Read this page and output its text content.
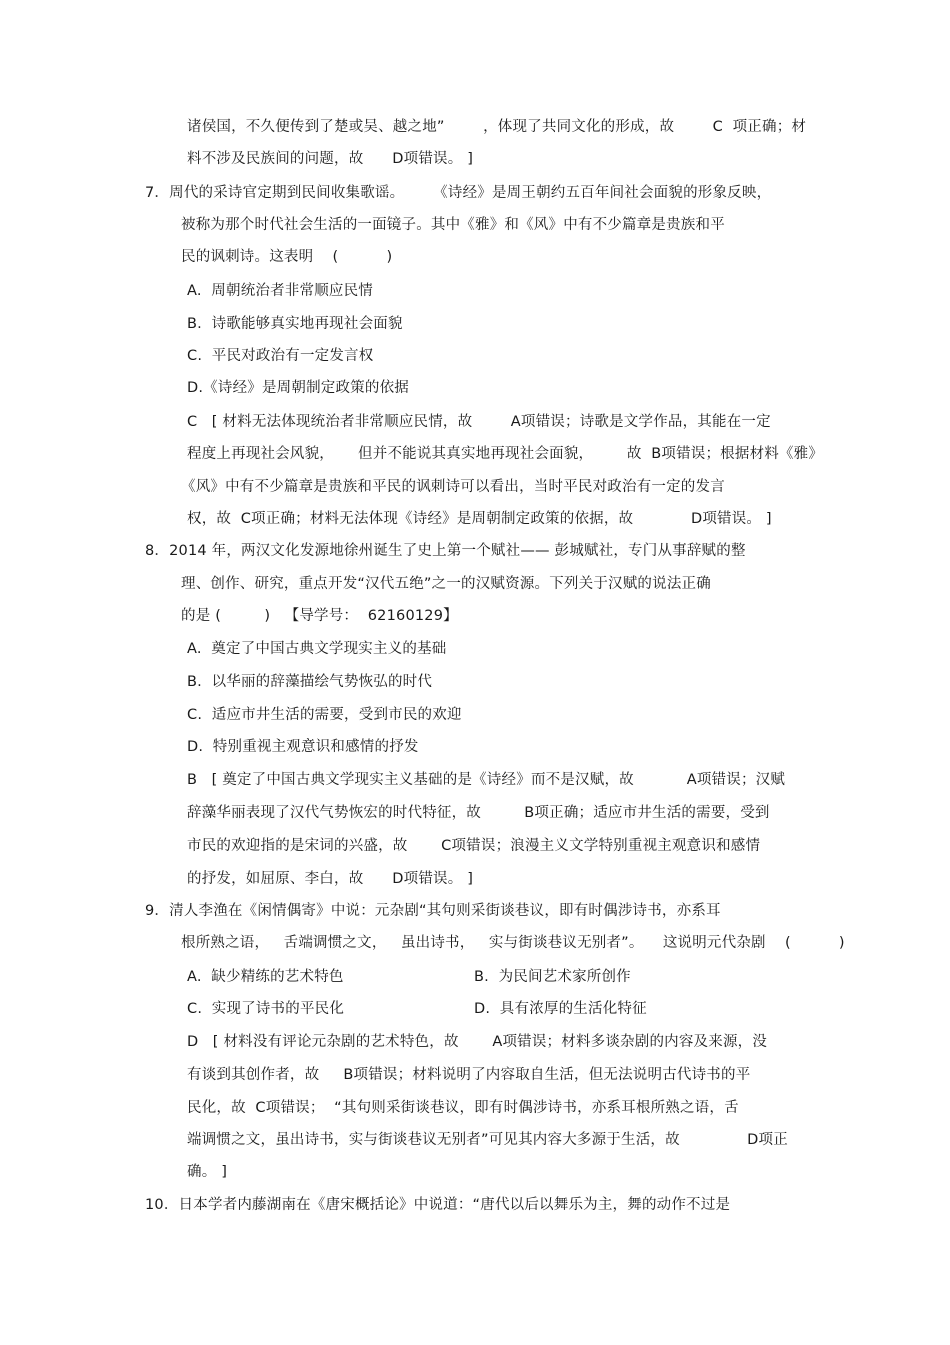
诸侯国，不久便传到了楚或吴、越之地”        ，体现了共同文化的形成，故        C  项正确；材
料不涉及民族间的问题，故      D项错误。 ]
7．周代的采诗官定期到民间收集歌谣。      《诗经》是周王朝约五百年间社会面貌的形象反映，
被称为那个时代社会生活的一面镜子。其中《雅》和《风》中有不少篇章是贵族和平
民的讽刺诗。这表明    (          )
A.  周朝统治者非常顺应民情
B.  诗歌能够真实地再现社会面貌
C.  平民对政治有一定发言权
D.《诗经》是周朝制定政策的依据
C   [ 材料无法体现统治者非常顺应民情，故        A项错误；诗歌是文学作品，其能在一定
程度上再现社会风貌，     但并不能说其真实地再现社会面貌，       故  B项错误；根据材料《雅》
《风》中有不少篇章是贵族和平民的讽刺诗可以看出，当时平民对政治有一定的发言
权，故  C项正确；材料无法体现《诗经》是周朝制定政策的依据，故            D项错误。 ]
8．2014 年，两汉文化发源地徐州诞生了史上第一个赋社—— 彭城赋社，专门从事辞赋的整
理、创作、研究，重点开发“汉代五绝”之一的汉赋资源。下列关于汉赋的说法正确
的是 (         )   【导学号：  62160129】
A.  奠定了中国古典文学现实主义的基础
B.  以华丽的辞藻描绘气势恢弘的时代
C.  适应市井生活的需要，受到市民的欢迎
D.  特别重视主观意识和感情的抒发
B   [ 奠定了中国古典文学现实主义基础的是《诗经》而不是汉赋，故           A项错误；汉赋
辞藻华丽表现了汉代气势恢宏的时代特征，故         B项正确；适应市井生活的需要，受到
市民的欢迎指的是宋词的兴盛，故       C项错误；浪漫主义文学特别重视主观意识和感情
的抒发，如屈原、李白，故      D项错误。 ]
9．清人李渔在《闲情偶寄》中说：元杂剧“其句则采街谈巷议，即有时偶涉诗书，亦系耳
根所熟之语，   舌端调惯之文，   虽出诗书，   实与街谈巷议无别者”。    这说明元代杂剧    (          )
A.  缺少精练的艺术特色	B.  为民间艺术家所创作
C.  实现了诗书的平民化	D.  具有浓厚的生活化特征
D   [ 材料没有评论元杂剧的艺术特色，故       A项错误；材料多谈杂剧的内容及来源，没
有谈到其创作者，故     B项错误；材料说明了内容取自生活，但无法说明古代诗书的平
民化，故  C项错误；  “其句则采街谈巷议，即有时偶涉诗书，亦系耳根所熟之语，舌
端调惯之文，虽出诗书，实与街谈巷议无别者”可见其内容大多源于生活，故              D项正
确。 ]
10．日本学者内藤湖南在《唐宋概括论》中说道：“唐代以后以舞乐为主，舞的动作不过是
